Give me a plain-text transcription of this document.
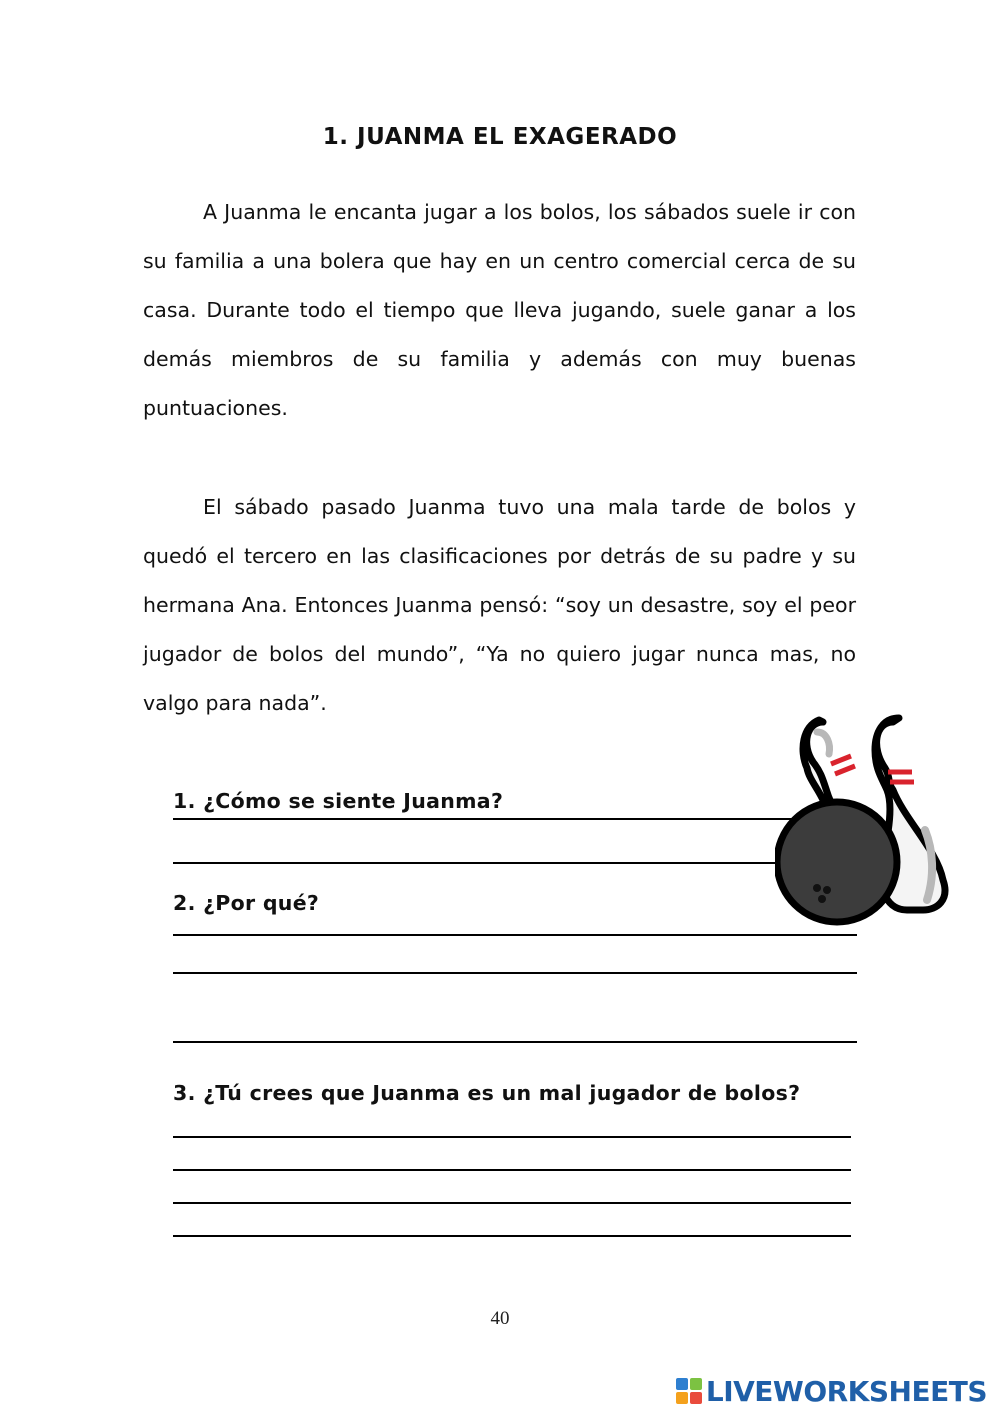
1. JUANMA EL EXAGERADO

A Juanma le encanta jugar a los bolos, los sábados suele ir con su familia a una bolera que hay en un centro comercial cerca de su casa. Durante todo el tiempo que lleva jugando, suele ganar a los demás miembros de su familia y además con muy buenas puntuaciones.

El sábado pasado Juanma tuvo una mala tarde de bolos y quedó el tercero en las clasificaciones por detrás de su padre y su hermana Ana. Entonces Juanma pensó: “soy un desastre, soy el peor jugador de bolos del mundo”, “Ya no quiero jugar nunca mas, no valgo para nada”.

1. ¿Cómo se siente Juanma?
2. ¿Por qué?
3. ¿Tú crees que Juanma es un mal jugador de bolos?
40
LIVEWORKSHEETS
